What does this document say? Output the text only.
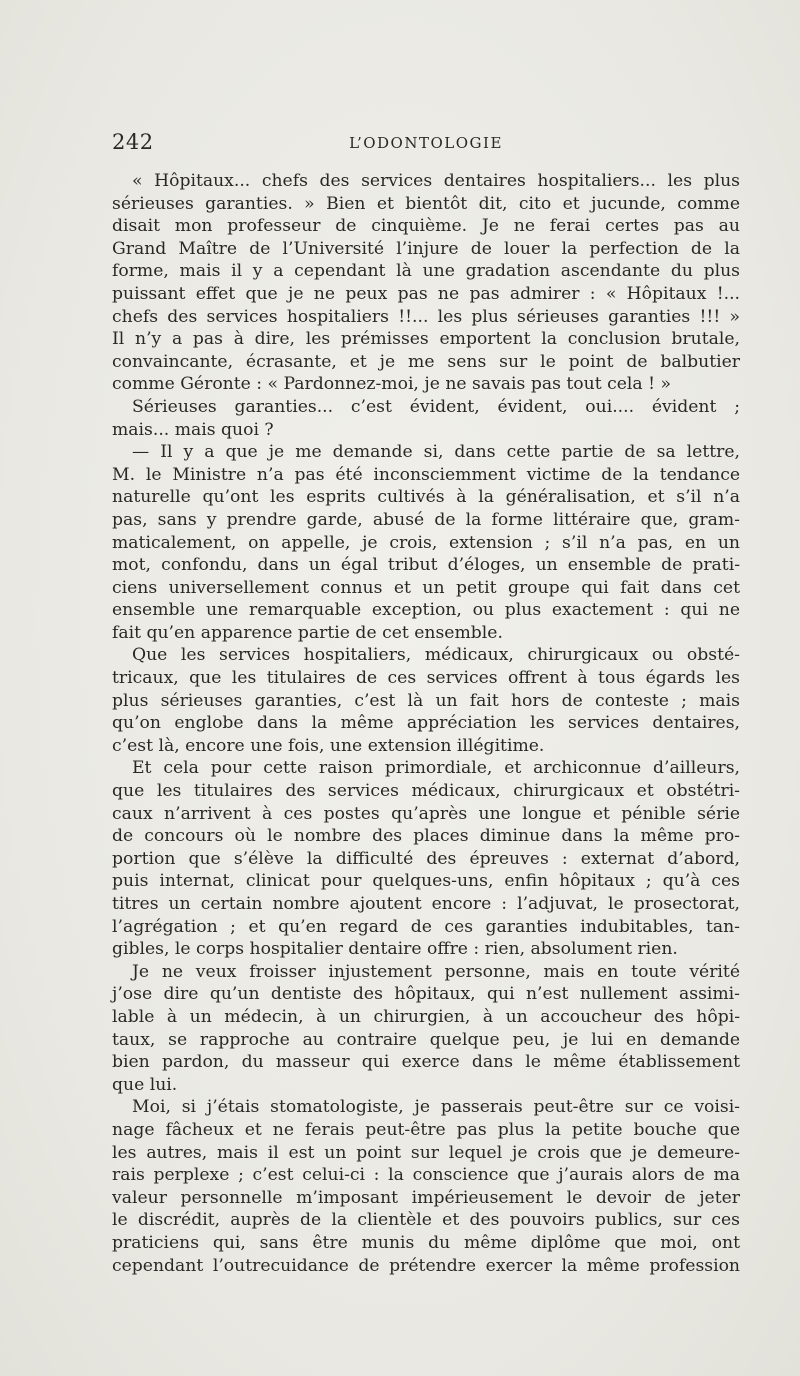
242	L’ODONTOLOGIE
« Hôpitaux... chefs des services dentaires hospitaliers... les plus
sérieuses garanties. » Bien et bientôt dit, cito et jucunde, comme
disait mon professeur de cinquième. Je ne ferai certes pas au
Grand Maître de l’Université l’injure de louer la perfection de la
forme, mais il y a cependant là une gradation ascendante du plus
puissant effet que je ne peux pas ne pas admirer : « Hôpitaux !...
chefs des services hospitaliers !!... les plus sérieuses garanties !!! »
Il n’y a pas à dire, les prémisses emportent la conclusion brutale,
convaincante, écrasante, et je me sens sur le point de balbutier
comme Géronte : « Pardonnez-moi, je ne savais pas tout cela ! »
Sérieuses garanties... c’est évident, évident, oui.... évident ;
mais... mais quoi ?
— Il y a que je me demande si, dans cette partie de sa lettre,
M. le Ministre n’a pas été inconsciemment victime de la tendance
naturelle qu’ont les esprits cultivés à la généralisation, et s’il n’a
pas, sans y prendre garde, abusé de la forme littéraire que, gram-
maticalement, on appelle, je crois, extension ; s’il n’a pas, en un
mot, confondu, dans un égal tribut d’éloges, un ensemble de prati-
ciens universellement connus et un petit groupe qui fait dans cet
ensemble une remarquable exception, ou plus exactement : qui ne
fait qu’en apparence partie de cet ensemble.
Que les services hospitaliers, médicaux, chirurgicaux ou obsté-
tricaux, que les titulaires de ces services offrent à tous égards les
plus sérieuses garanties, c’est là un fait hors de conteste ; mais
qu’on englobe dans la même appréciation les services dentaires,
c’est là, encore une fois, une extension illégitime.
Et cela pour cette raison primordiale, et archiconnue d’ailleurs,
que les titulaires des services médicaux, chirurgicaux et obstétri-
caux n’arrivent à ces postes qu’après une longue et pénible série
de concours où le nombre des places diminue dans la même pro-
portion que s’élève la difficulté des épreuves : externat d’abord,
puis internat, clinicat pour quelques-uns, enfin hôpitaux ; qu’à ces
titres un certain nombre ajoutent encore : l’adjuvat, le prosectorat,
l’agrégation ; et qu’en regard de ces garanties indubitables, tan-
gibles, le corps hospitalier dentaire offre : rien, absolument rien.
Je ne veux froisser injustement personne, mais en toute vérité
j’ose dire qu’un dentiste des hôpitaux, qui n’est nullement assimi-
lable à un médecin, à un chirurgien, à un accoucheur des hôpi-
taux, se rapproche au contraire quelque peu, je lui en demande
bien pardon, du masseur qui exerce dans le même établissement
que lui.
Moi, si j’étais stomatologiste, je passerais peut-être sur ce voisi-
nage fâcheux et ne ferais peut-être pas plus la petite bouche que
les autres, mais il est un point sur lequel je crois que je demeure-
rais perplexe ; c’est celui-ci : la conscience que j’aurais alors de ma
valeur personnelle m’imposant impérieusement le devoir de jeter
le discrédit, auprès de la clientèle et des pouvoirs publics, sur ces
praticiens qui, sans être munis du même diplôme que moi, ont
cependant l’outrecuidance de prétendre exercer la même profession
